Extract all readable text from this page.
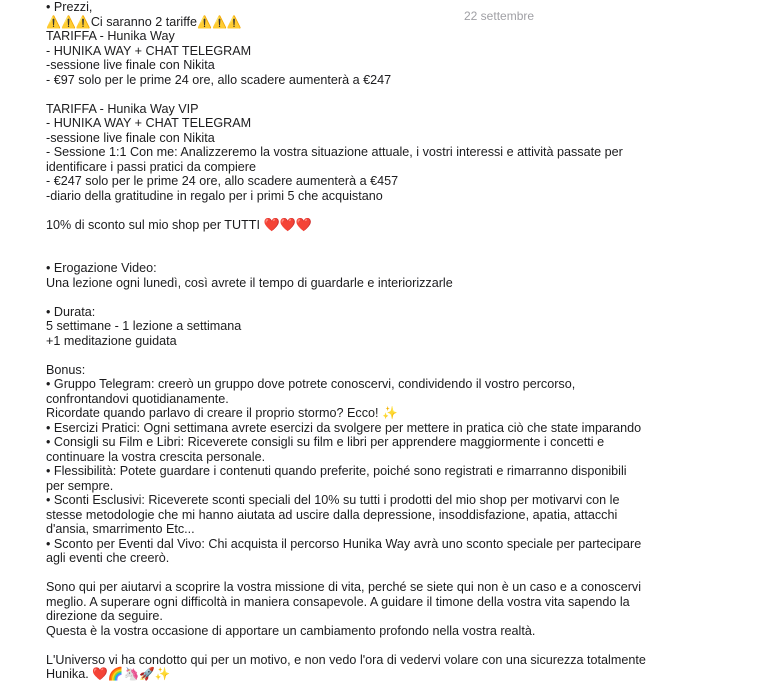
22 settembre
• Prezzi,
⚠️⚠️⚠️Ci saranno 2 tariffe⚠️⚠️⚠️
TARIFFA - Hunika Way
- HUNIKA WAY + CHAT TELEGRAM
-sessione live finale con Nikita
- €97 solo per le prime 24 ore, allo scadere aumenterà a €247
TARIFFA - Hunika Way VIP
- HUNIKA WAY + CHAT TELEGRAM
-sessione live finale con Nikita
- Sessione 1:1 Con me: Analizzeremo la vostra situazione attuale, i vostri interessi e attività passate per
identificare i passi pratici da compiere
- €247 solo per le prime 24 ore, allo scadere aumenterà a €457
-diario della gratitudine in regalo per i primi 5 che acquistano
10% di sconto sul mio shop per TUTTI ❤️❤️❤️
• Erogazione Video:
Una lezione ogni lunedì, così avrete il tempo di guardarle e interiorizzarle
• Durata:
5 settimane - 1 lezione a settimana
+1 meditazione guidata
Bonus:
• Gruppo Telegram: creerò un gruppo dove potrete conoscervi, condividendo il vostro percorso,
confrontandovi quotidianamente.
Ricordate quando parlavo di creare il proprio stormo? Ecco! ✨
• Esercizi Pratici: Ogni settimana avrete esercizi da svolgere per mettere in pratica ciò che state imparando
• Consigli su Film e Libri: Riceverete consigli su film e libri per apprendere maggiormente i concetti e
continuare la vostra crescita personale.
• Flessibilità: Potete guardare i contenuti quando preferite, poiché sono registrati e rimarranno disponibili
per sempre.
• Sconti Esclusivi: Riceverete sconti speciali del 10% su tutti i prodotti del mio shop per motivarvi con le
stesse metodologie che mi hanno aiutata ad uscire dalla depressione, insoddisfazione, apatia, attacchi
d'ansia, smarrimento Etc...
• Sconto per Eventi dal Vivo: Chi acquista il percorso Hunika Way avrà uno sconto speciale per partecipare
agli eventi che creerò.
Sono qui per aiutarvi a scoprire la vostra missione di vita, perché se siete qui non è un caso e a conoscervi
meglio. A superare ogni difficoltà in maniera consapevole. A guidare il timone della vostra vita sapendo la
direzione da seguire.
Questa è la vostra occasione di apportare un cambiamento profondo nella vostra realtà.
L'Universo vi ha condotto qui per un motivo, e non vedo l'ora di vedervi volare con una sicurezza totalmente
Hunika. ❤️🌈🦄🚀✨
